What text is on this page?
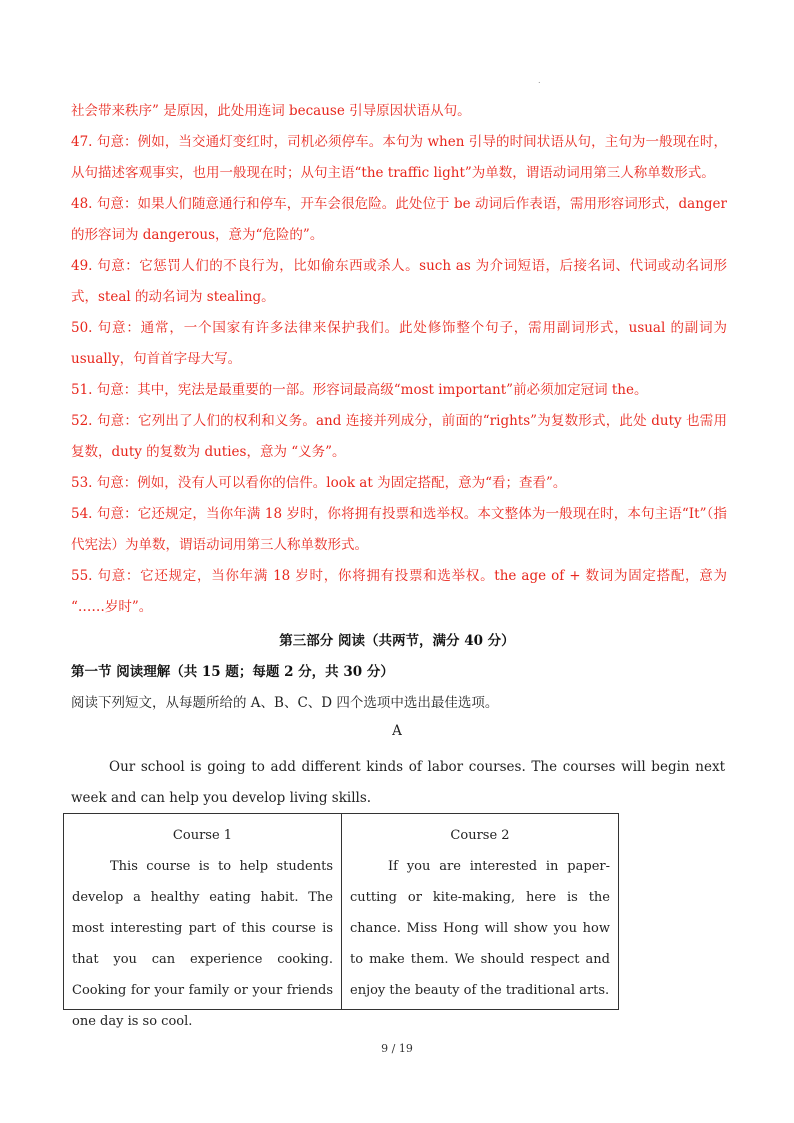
.

社会带来秩序” 是原因，此处用连词 because 引导原因状语从句。

47. 句意：例如，当交通灯变红时，司机必须停车。本句为 when 引导的时间状语从句，主句为一般现在时，从句描述客观事实，也用一般现在时；从句主语“the traffic light”为单数，谓语动词用第三人称单数形式。

48. 句意：如果人们随意通行和停车，开车会很危险。此处位于 be 动词后作表语，需用形容词形式，danger 的形容词为 dangerous，意为“危险的”。

49. 句意：它惩罚人们的不良行为，比如偷东西或杀人。such as 为介词短语，后接名词、代词或动名词形式，steal 的动名词为 stealing。

50. 句意：通常，一个国家有许多法律来保护我们。此处修饰整个句子，需用副词形式，usual 的副词为 usually，句首首字母大写。

51. 句意：其中，宪法是最重要的一部。形容词最高级“most important”前必须加定冠词 the。

52. 句意：它列出了人们的权利和义务。and 连接并列成分，前面的“rights”为复数形式，此处 duty 也需用复数，duty 的复数为 duties，意为 “义务”。

53. 句意：例如，没有人可以看你的信件。look at 为固定搭配，意为“看；查看”。

54. 句意：它还规定，当你年满 18 岁时，你将拥有投票和选举权。本文整体为一般现在时，本句主语“It”（指代宪法）为单数，谓语动词用第三人称单数形式。

55. 句意：它还规定，当你年满 18 岁时，你将拥有投票和选举权。the age of + 数词为固定搭配，意为 “……岁时”。

第三部分 阅读（共两节，满分 40 分）
第一节 阅读理解（共 15 题；每题 2 分，共 30 分）
阅读下列短文，从每题所给的 A、B、C、D 四个选项中选出最佳选项。
A
Our school is going to add different kinds of labor courses. The courses will begin next week and can help you develop living skills.
Course 1
This course is to help students develop a healthy eating habit. The most interesting part of this course is that you can experience cooking. Cooking for your family or your friends one day is so cool.
Course 2
If you are interested in paper-cutting or kite-making, here is the chance. Miss Hong will show you how to make them. We should respect and enjoy the beauty of the traditional arts.
9 / 19
